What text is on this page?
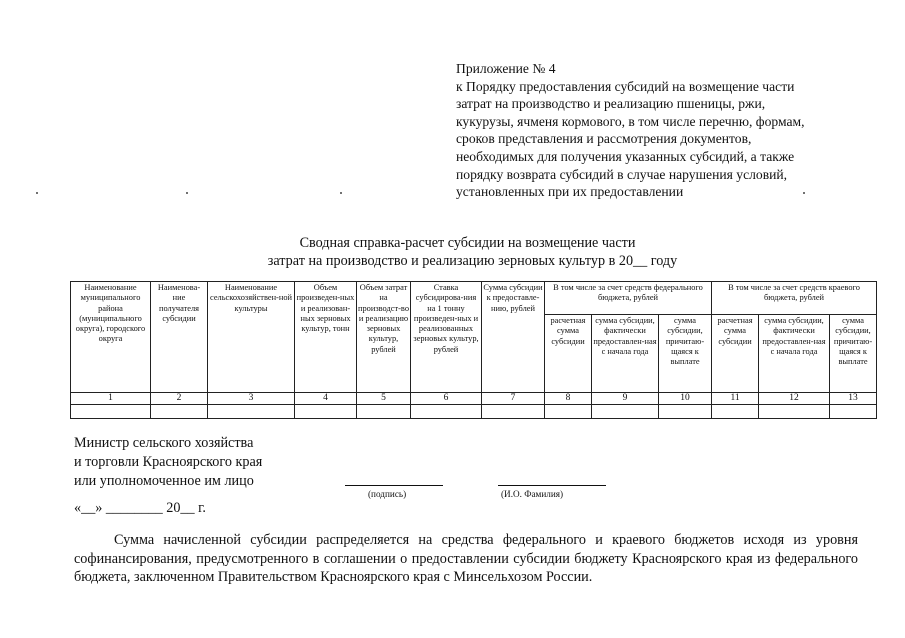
Приложение № 4
к Порядку предоставления субсидий на возмещение части
затрат на производство и реализацию пшеницы, ржи,
кукурузы, ячменя кормового, в том числе перечню, формам,
сроков представления и рассмотрения документов,
необходимых для получения указанных субсидий, а также
порядку возврата субсидий в случае нарушения условий,
установленных при их предоставлении
Сводная справка-расчет субсидии на возмещение части
затрат на производство и реализацию зерновых культур в 20__ году
Наименование муниципального района (муниципального округа), городского округа	Наименова-ние получателя субсидии	Наименование сельскохозяйствен-ной культуры	Объем произведен-ных и реализован-ных зерновых культур, тонн	Объем затрат на производст-во и реализацию зерновых культур, рублей	Ставка субсидирова-ния на 1 тонну произведен-ных и реализованных зерновых культур, рублей	Сумма субсидии к предоставле-нию, рублей	В том числе за счет средств федерального бюджета, рублей			В том числе за счет средств краевого бюджета, рублей		
							расчетная сумма субсидии	сумма субсидии, фактически предоставлен-ная с начала года	сумма субсидии, причитаю-щаяся к выплате	расчетная сумма субсидии	сумма субсидии, фактически предоставлен-ная с начала года	сумма субсидии, причитаю-щаяся к выплате
1	2	3	4	5	6	7	8	9	10	11	12	13

Министр сельского хозяйства
и торговли Красноярского края
или уполномоченное им лицо
(подпись)	(И.О. Фамилия)
«__» ________ 20__ г.
Сумма начисленной субсидии распределяется на средства федерального и краевого бюджетов исходя из уровня софинансирования, предусмотренного в соглашении о предоставлении субсидии бюджету Красноярского края из федерального бюджета, заключенном Правительством Красноярского края с Минсельхозом России.
